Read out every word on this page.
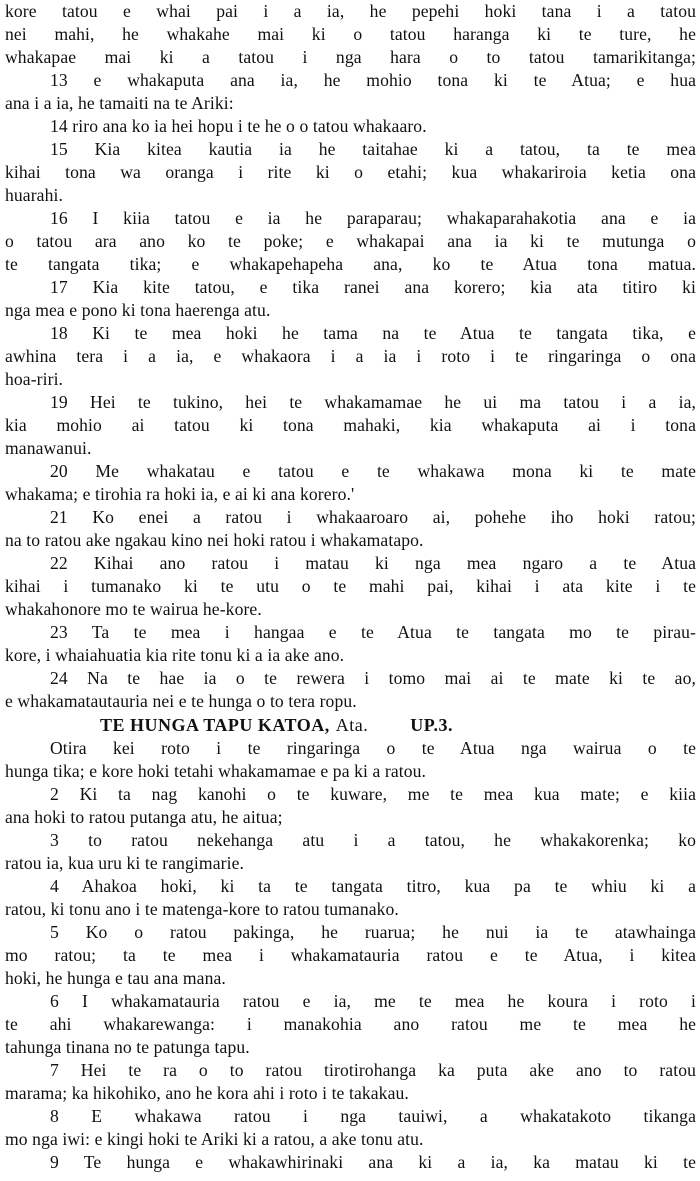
kore tatou e whai pai i a ia, he pepehi hoki tana i a tatou
nei mahi, he whakahe mai ki o tatou haranga ki te ture, he
whakapae mai ki a tatou i nga hara o to tatou tamarikitanga;
13 e whakaputa ana ia, he mohio tona ki te Atua; e hua
ana i a ia, he tamaiti na te Ariki:
14 riro ana ko ia hei hopu i te he o o tatou whakaaro.
15 Kia kitea kautia ia he taitahae ki a tatou, ta te mea
kihai tona wa oranga i rite ki o etahi; kua whakariroia ketia ona
huarahi.
16 I kiia tatou e ia he paraparau; whakaparahakotia ana e ia
o tatou ara ano ko te poke; e whakapai ana ia ki te mutunga o
te tangata tika; e whakapehapeha ana, ko te Atua tona matua.
17 Kia kite tatou, e tika ranei ana korero; kia ata titiro ki
nga mea e pono ki tona haerenga atu.
18 Ki te mea hoki he tama na te Atua te tangata tika, e
awhina tera i a ia, e whakaora i a ia i roto i te ringaringa o ona
hoa-riri.
19 Hei te tukino, hei te whakamamae he ui ma tatou i a ia,
kia mohio ai tatou ki tona mahaki, kia whakaputa ai i tona
manawanui.
20 Me whakatau e tatou e te whakawa mona ki te mate
whakama; e tirohia ra hoki ia, e ai ki ana korero.'
21 Ko enei a ratou i whakaaroaro ai, pohehe iho hoki ratou;
na to ratou ake ngakau kino nei hoki ratou i whakamatapo.
22 Kihai ano ratou i matau ki nga mea ngaro a te Atua
kihai i tumanako ki te utu o te mahi pai, kihai i ata kite i te
whakahonore mo te wairua he-kore.
23 Ta te mea i hangaa e te Atua te tangata mo te pirau-
kore, i whaiahuatia kia rite tonu ki a ia ake ano.
24 Na te hae ia o te rewera i tomo mai ai te mate ki te ao,
e whakamatautauria nei e te hunga o to tera ropu.
TE HUNGA TAPU KATOA, Ata. UP.3.
Otira kei roto i te ringaringa o te Atua nga wairua o te
hunga tika; e kore hoki tetahi whakamamae e pa ki a ratou.
2 Ki ta nag kanohi o te kuware, me te mea kua mate; e kiia
ana hoki to ratou putanga atu, he aitua;
3 to ratou nekehanga atu i a tatou, he whakakorenka; ko
ratou ia, kua uru ki te rangimarie.
4 Ahakoa hoki, ki ta te tangata titro, kua pa te whiu ki a
ratou, ki tonu ano i te matenga-kore to ratou tumanako.
5 Ko o ratou pakinga, he ruarua; he nui ia te atawhainga
mo ratou; ta te mea i whakamatauria ratou e te Atua, i kitea
hoki, he hunga e tau ana mana.
6 I whakamatauria ratou e ia, me te mea he koura i roto i
te ahi whakarewanga: i manakohia ano ratou me te mea he
tahunga tinana no te patunga tapu.
7 Hei te ra o to ratou tirotirohanga ka puta ake ano to ratou
marama; ka hikohiko, ano he kora ahi i roto i te takakau.
8 E whakawa ratou i nga tauiwi, a whakatakoto tikanga
mo nga iwi: e kingi hoki te Ariki ki a ratou, a ake tonu atu.
9 Te hunga e whakawhirinaki ana ki a ia, ka matau ki te
